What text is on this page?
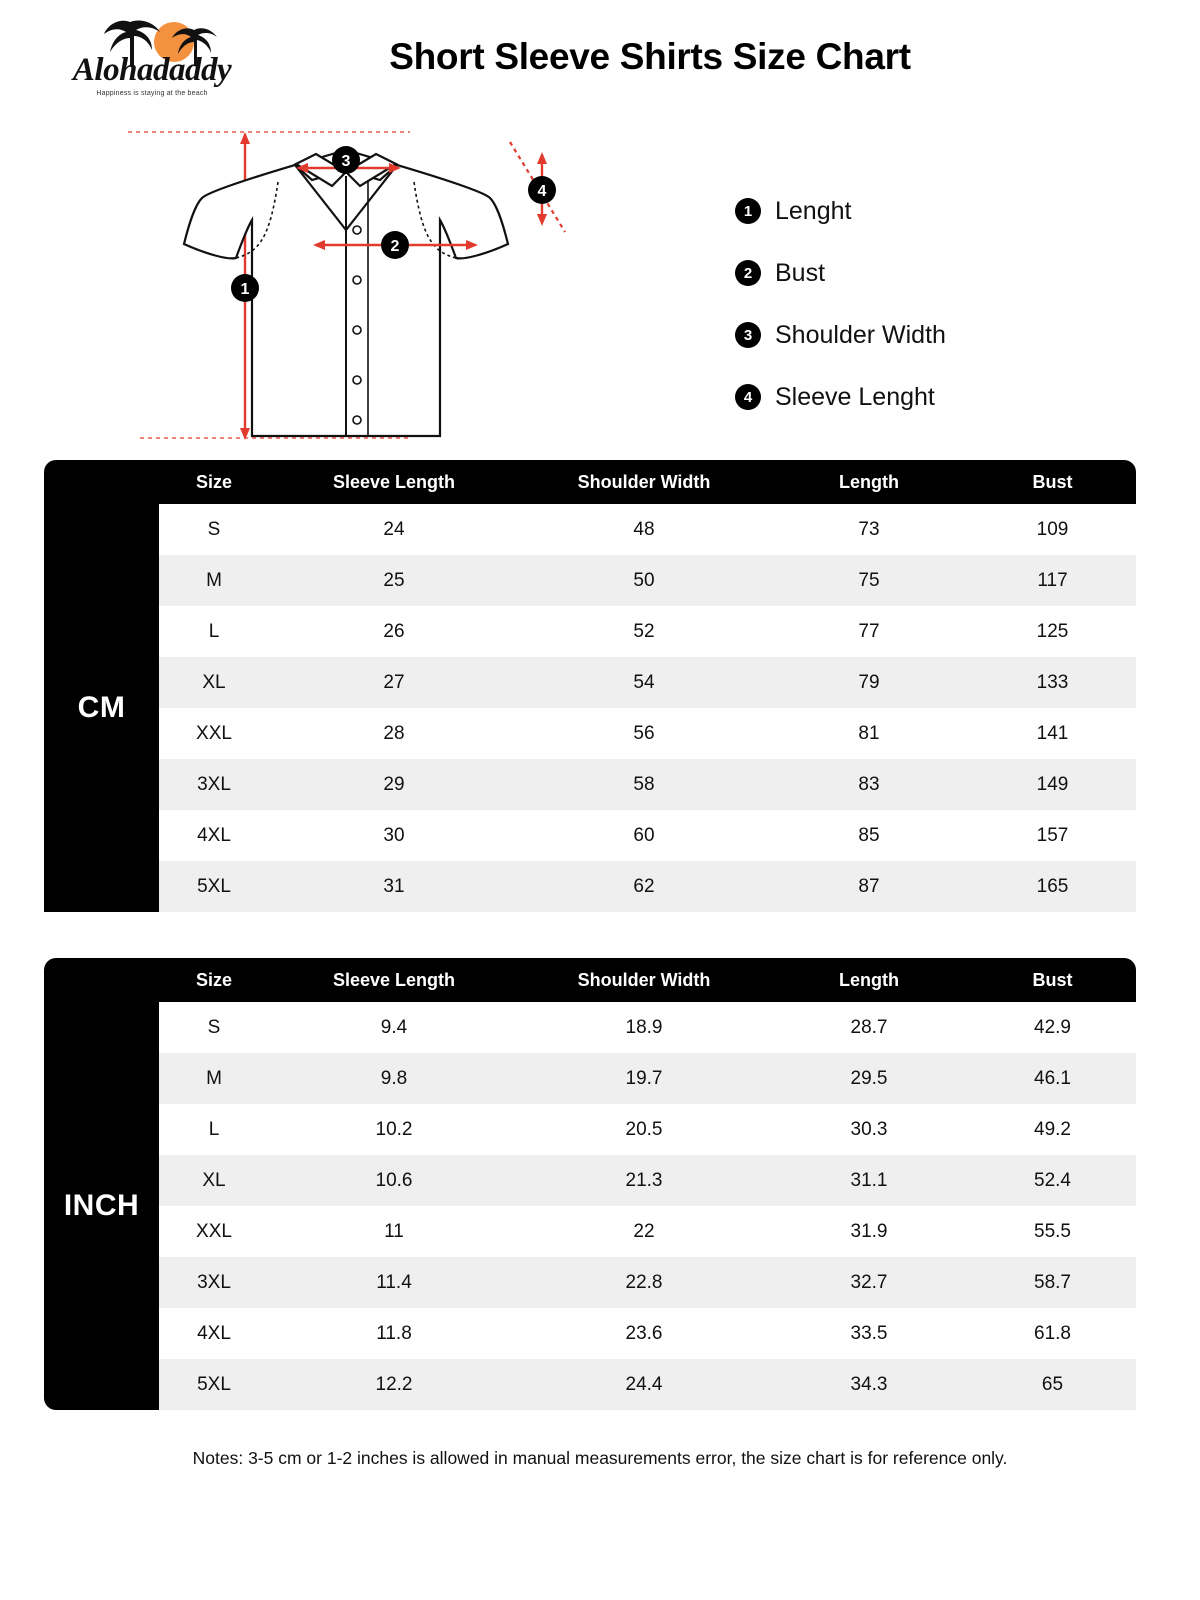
Alohadaddy
Happiness is staying at the beach
Short Sleeve Shirts Size Chart
1
2
3
4
1 Lenght
2 Bust
3 Shoulder Width
4 Sleeve Lenght
	Size	Sleeve Length	Shoulder Width	Length	Bust
CM	S	24	48	73	109
	M	25	50	75	117
	L	26	52	77	125
	XL	27	54	79	133
	XXL	28	56	81	141
	3XL	29	58	83	149
	4XL	30	60	85	157
	5XL	31	62	87	165
	Size	Sleeve Length	Shoulder Width	Length	Bust
INCH	S	9.4	18.9	28.7	42.9
	M	9.8	19.7	29.5	46.1
	L	10.2	20.5	30.3	49.2
	XL	10.6	21.3	31.1	52.4
	XXL	11	22	31.9	55.5
	3XL	11.4	22.8	32.7	58.7
	4XL	11.8	23.6	33.5	61.8
	5XL	12.2	24.4	34.3	65
Notes: 3-5 cm or 1-2 inches is allowed in manual measurements error, the size chart is for reference only.
